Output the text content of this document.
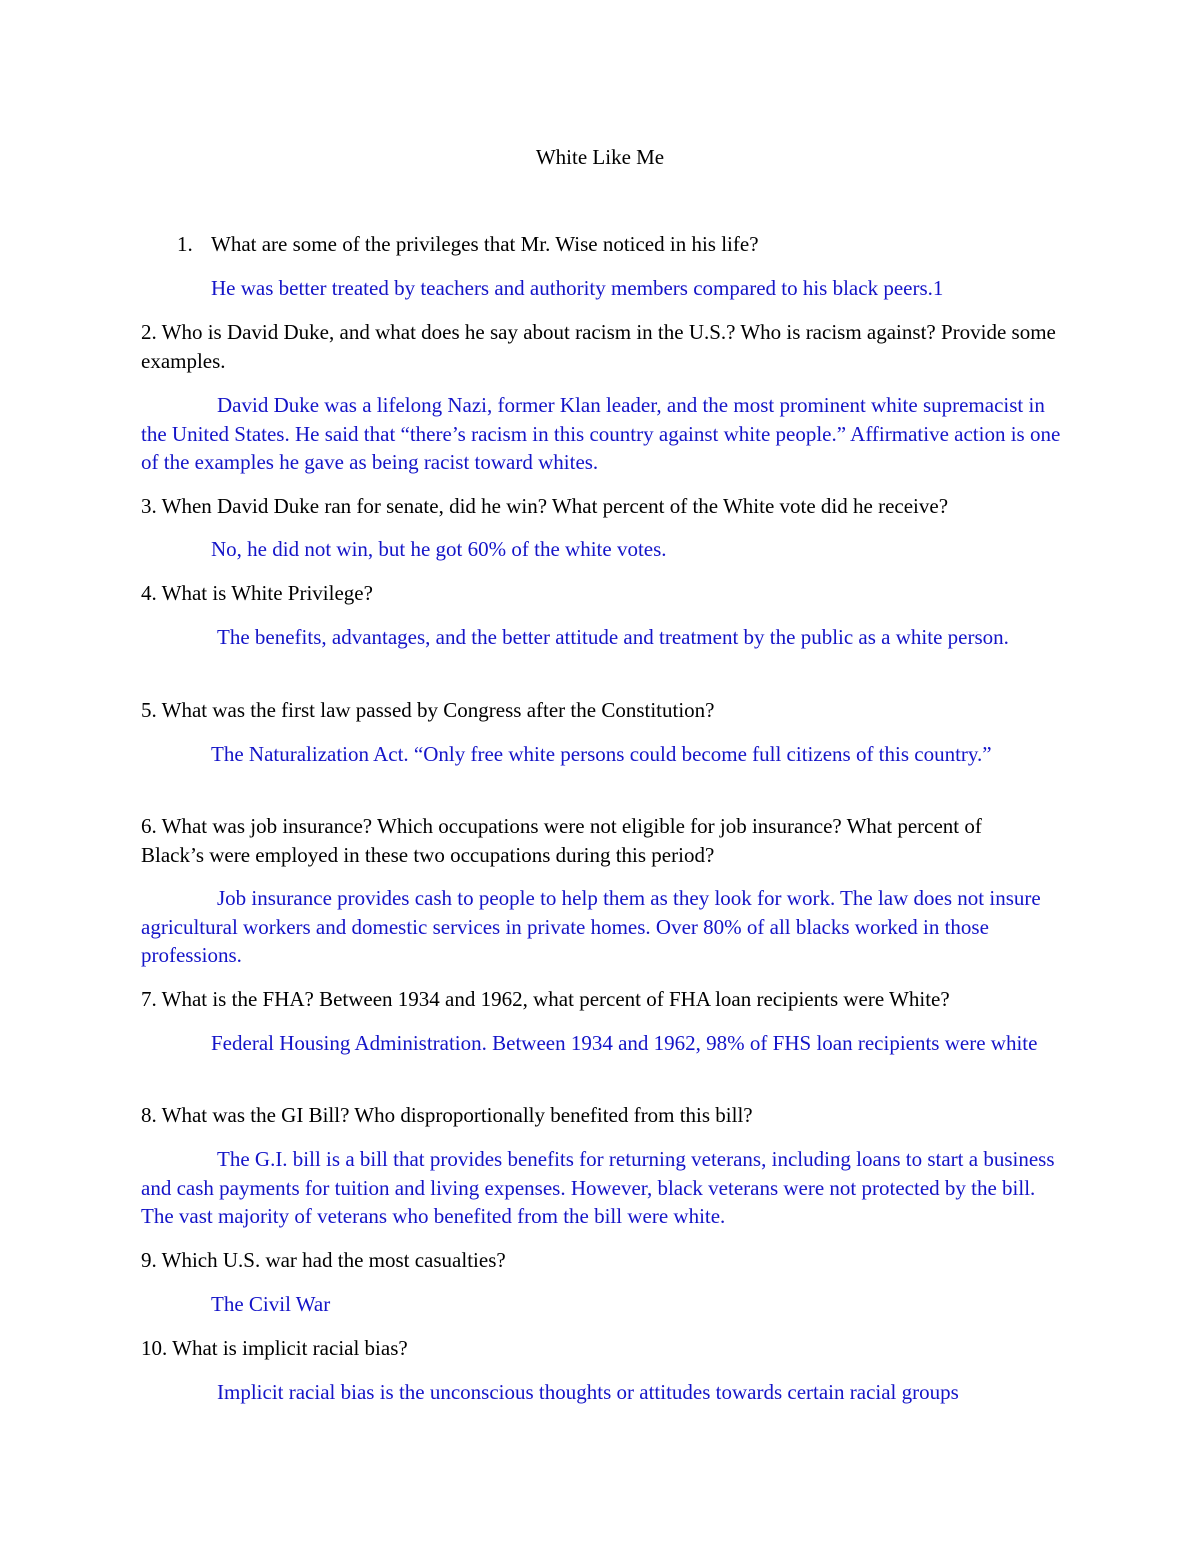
White Like Me
1. What are some of the privileges that Mr. Wise noticed in his life?
He was better treated by teachers and authority members compared to his black peers.1
2. Who is David Duke, and what does he say about racism in the U.S.? Who is racism against? Provide some examples.
David Duke was a lifelong Nazi, former Klan leader, and the most prominent white supremacist in the United States. He said that “there’s racism in this country against white people.” Affirmative action is one of the examples he gave as being racist toward whites.
3. When David Duke ran for senate, did he win? What percent of the White vote did he receive?
No, he did not win, but he got 60% of the white votes.
4. What is White Privilege?
The benefits, advantages, and the better attitude and treatment by the public as a white person.
5. What was the first law passed by Congress after the Constitution?
The Naturalization Act. “Only free white persons could become full citizens of this country.”
6. What was job insurance? Which occupations were not eligible for job insurance? What percent of Black’s were employed in these two occupations during this period?
Job insurance provides cash to people to help them as they look for work. The law does not insure agricultural workers and domestic services in private homes. Over 80% of all blacks worked in those professions.
7. What is the FHA? Between 1934 and 1962, what percent of FHA loan recipients were White?
Federal Housing Administration. Between 1934 and 1962, 98% of FHS loan recipients were white
8. What was the GI Bill? Who disproportionally benefited from this bill?
The G.I. bill is a bill that provides benefits for returning veterans, including loans to start a business and cash payments for tuition and living expenses. However, black veterans were not protected by the bill. The vast majority of veterans who benefited from the bill were white.
9. Which U.S. war had the most casualties?
The Civil War
10. What is implicit racial bias?
Implicit racial bias is the unconscious thoughts or attitudes towards certain racial groups
